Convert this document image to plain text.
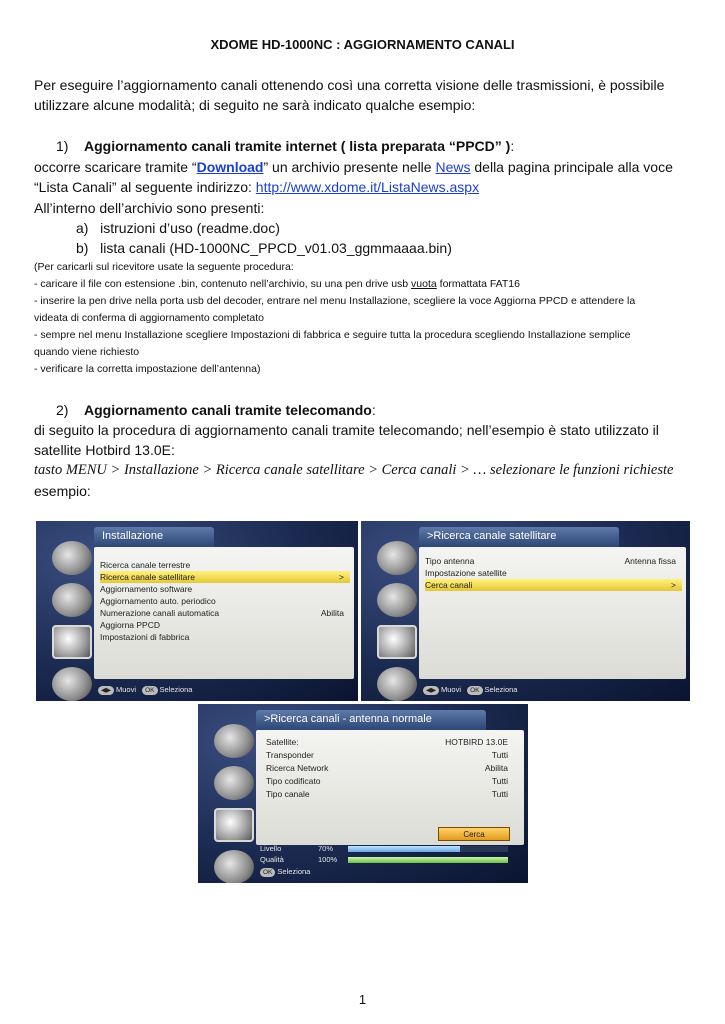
XDOME HD-1000NC : AGGIORNAMENTO CANALI
Per eseguire l’aggiornamento canali ottenendo così una corretta visione delle trasmissioni, è possibile
utilizzare alcune modalità; di seguito ne sarà indicato qualche esempio:
1) Aggiornamento canali tramite internet ( lista preparata “PPCD” ):
occorre scaricare tramite “Download” un archivio presente nelle News della pagina principale alla voce
“Lista Canali” al seguente indirizzo: http://www.xdome.it/ListaNews.aspx
All’interno dell’archivio sono presenti:
a) istruzioni d’uso (readme.doc)
b) lista canali (HD-1000NC_PPCD_v01.03_ggmmaaaa.bin)
(Per caricarli sul ricevitore usate la seguente procedura:
- caricare il file con estensione .bin, contenuto nell’archivio, su una pen drive usb vuota formattata FAT16
- inserire la pen drive nella porta usb del decoder, entrare nel menu Installazione, scegliere la voce Aggiorna PPCD e attendere la
videata di conferma di aggiornamento completato
- sempre nel menu Installazione scegliere Impostazioni di fabbrica e seguire tutta la procedura scegliendo Installazione semplice
quando viene richiesto
- verificare la corretta impostazione dell’antenna)
2) Aggiornamento canali tramite telecomando:
di seguito la procedura di aggiornamento canali tramite telecomando; nell’esempio è stato utilizzato il
satellite Hotbird 13.0E:
tasto MENU > Installazione > Ricerca canale satellitare > Cerca canali > … selezionare le funzioni richieste
esempio:
Installazione
Ricerca canale terrestre
Ricerca canale satellitare	>
Aggiornamento software
Aggiornamento auto. periodico
Numerazione canali automatica	Abilita
Aggiorna PPCD
Impostazioni di fabbrica
◀▶ Muovi OK Seleziona
>Ricerca canale satellitare
Tipo antenna	Antenna fissa
Impostazione satellite
Cerca canali	>
◀▶ Muovi OK Seleziona
>Ricerca canali - antenna normale
Satellite:	HOTBIRD 13.0E
Transponder	Tutti
Ricerca Network	Abilita
Tipo codificato	Tutti
Tipo canale	Tutti
Cerca
Livello	70%
Qualità	100%
OK Seleziona
1
